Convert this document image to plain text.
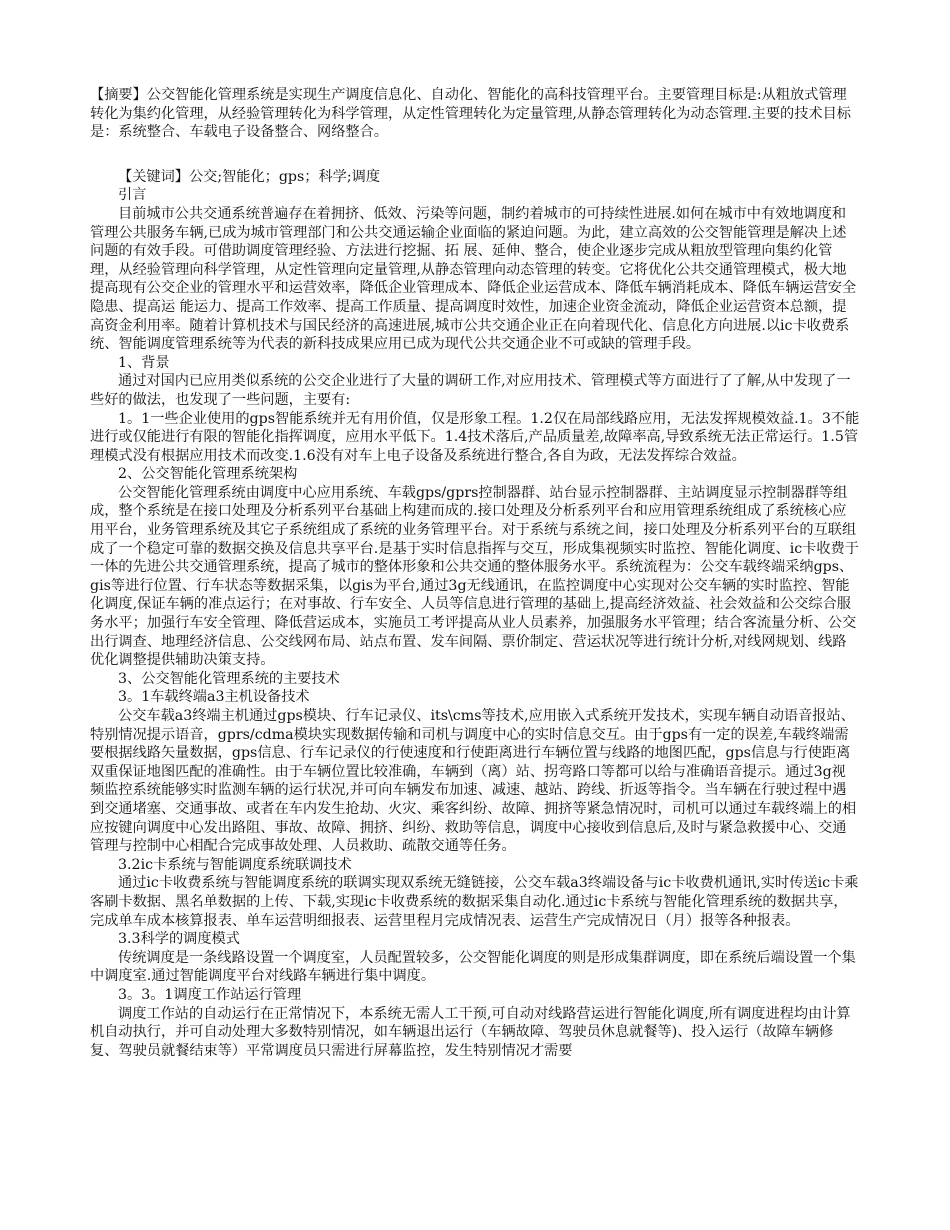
【摘要】公交智能化管理系统是实现生产调度信息化、自动化、智能化的高科技管理平台。主要管理目标是:从粗放式管理转化为集约化管理，从经验管理转化为科学管理，从定性管理转化为定量管理,从静态管理转化为动态管理.主要的技术目标是：系统整合、车载电子设备整合、网络整合。

【关键词】公交;智能化；gps；科学;调度

引言

目前城市公共交通系统普遍存在着拥挤、低效、污染等问题，制约着城市的可持续性进展.如何在城市中有效地调度和管理公共服务车辆,已成为城市管理部门和公共交通运输企业面临的紧迫问题。为此，建立高效的公交智能管理是解决上述问题的有效手段。可借助调度管理经验、方法进行挖掘、拓 展、延伸、整合，使企业逐步完成从粗放型管理向集约化管理，从经验管理向科学管理，从定性管理向定量管理,从静态管理向动态管理的转变。它将优化公共交通管理模式，极大地提高现有公交企业的管理水平和运营效率，降低企业管理成本、降低企业运营成本、降低车辆消耗成本、降低车辆运营安全隐患、提高运 能运力、提高工作效率、提高工作质量、提高调度时效性，加速企业资金流动，降低企业运营资本总额，提高资金利用率。随着计算机技术与国民经济的高速进展,城市公共交通企业正在向着现代化、信息化方向进展.以ic卡收费系统、智能调度管理系统等为代表的新科技成果应用已成为现代公共交通企业不可或缺的管理手段。

1、背景

通过对国内已应用类似系统的公交企业进行了大量的调研工作,对应用技术、管理模式等方面进行了了解,从中发现了一些好的做法，也发现了一些问题，主要有:

1。1一些企业使用的gps智能系统并无有用价值，仅是形象工程。1.2仅在局部线路应用，无法发挥规模效益.1。3不能进行或仅能进行有限的智能化指挥调度，应用水平低下。1.4技术落后,产品质量差,故障率高,导致系统无法正常运行。1.5管理模式没有根据应用技术而改变.1.6没有对车上电子设备及系统进行整合,各自为政，无法发挥综合效益。

2、公交智能化管理系统架构

公交智能化管理系统由调度中心应用系统、车载gps/gprs控制器群、站台显示控制器群、主站调度显示控制器群等组成，整个系统是在接口处理及分析系列平台基础上构建而成的.接口处理及分析系列平台和应用管理系统组成了系统核心应用平台，业务管理系统及其它子系统组成了系统的业务管理平台。对于系统与系统之间，接口处理及分析系列平台的互联组成了一个稳定可靠的数据交换及信息共享平台.是基于实时信息指挥与交互，形成集视频实时监控、智能化调度、ic卡收费于一体的先进公共交通管理系统，提高了城市的整体形象和公共交通的整体服务水平。系统流程为：公交车载终端采纳gps、gis等进行位置、行车状态等数据采集，以gis为平台,通过3g无线通讯，在监控调度中心实现对公交车辆的实时监控、智能化调度,保证车辆的准点运行；在对事故、行车安全、人员等信息进行管理的基础上,提高经济效益、社会效益和公交综合服务水平；加强行车安全管理、降低营运成本，实施员工考评提高从业人员素养，加强服务水平管理；结合客流量分析、公交出行调查、地理经济信息、公交线网布局、站点布置、发车间隔、票价制定、营运状况等进行统计分析,对线网规划、线路优化调整提供辅助决策支持。

3、公交智能化管理系统的主要技术

3。1车载终端a3主机设备技术

公交车载a3终端主机通过gps模块、行车记录仪、its\cms等技术,应用嵌入式系统开发技术，实现车辆自动语音报站、特别情况提示语音，gprs/cdma模块实现数据传输和司机与调度中心的实时信息交互。由于gps有一定的误差,车载终端需要根据线路矢量数据，gps信息、行车记录仪的行使速度和行使距离进行车辆位置与线路的地图匹配，gps信息与行使距离双重保证地图匹配的准确性。由于车辆位置比较准确，车辆到（离）站、拐弯路口等都可以给与准确语音提示。通过3g视频监控系统能够实时监测车辆的运行状况,并可向车辆发布加速、减速、越站、跨线、折返等指令。当车辆在行驶过程中遇到交通堵塞、交通事故、或者在车内发生抢劫、火灾、乘客纠纷、故障、拥挤等紧急情况时，司机可以通过车载终端上的相应按键向调度中心发出路阻、事故、故障、拥挤、纠纷、救助等信息，调度中心接收到信息后,及时与紧急救援中心、交通管理与控制中心相配合完成事故处理、人员救助、疏散交通等任务。

3.2ic卡系统与智能调度系统联调技术

通过ic卡收费系统与智能调度系统的联调实现双系统无缝链接，公交车载a3终端设备与ic卡收费机通讯,实时传送ic卡乘客刷卡数据、黑名单数据的上传、下载,实现ic卡收费系统的数据采集自动化.通过ic卡系统与智能化管理系统的数据共享，完成单车成本核算报表、单车运营明细报表、运营里程月完成情况表、运营生产完成情况日（月）报等各种报表。

3.3科学的调度模式

传统调度是一条线路设置一个调度室，人员配置较多，公交智能化调度的则是形成集群调度，即在系统后端设置一个集中调度室.通过智能调度平台对线路车辆进行集中调度。

3。3。1调度工作站运行管理

调度工作站的自动运行在正常情况下，本系统无需人工干预,可自动对线路营运进行智能化调度,所有调度进程均由计算机自动执行，并可自动处理大多数特别情况，如车辆退出运行（车辆故障、驾驶员休息就餐等)、投入运行（故障车辆修复、驾驶员就餐结束等）平常调度员只需进行屏幕监控，发生特别情况才需要
